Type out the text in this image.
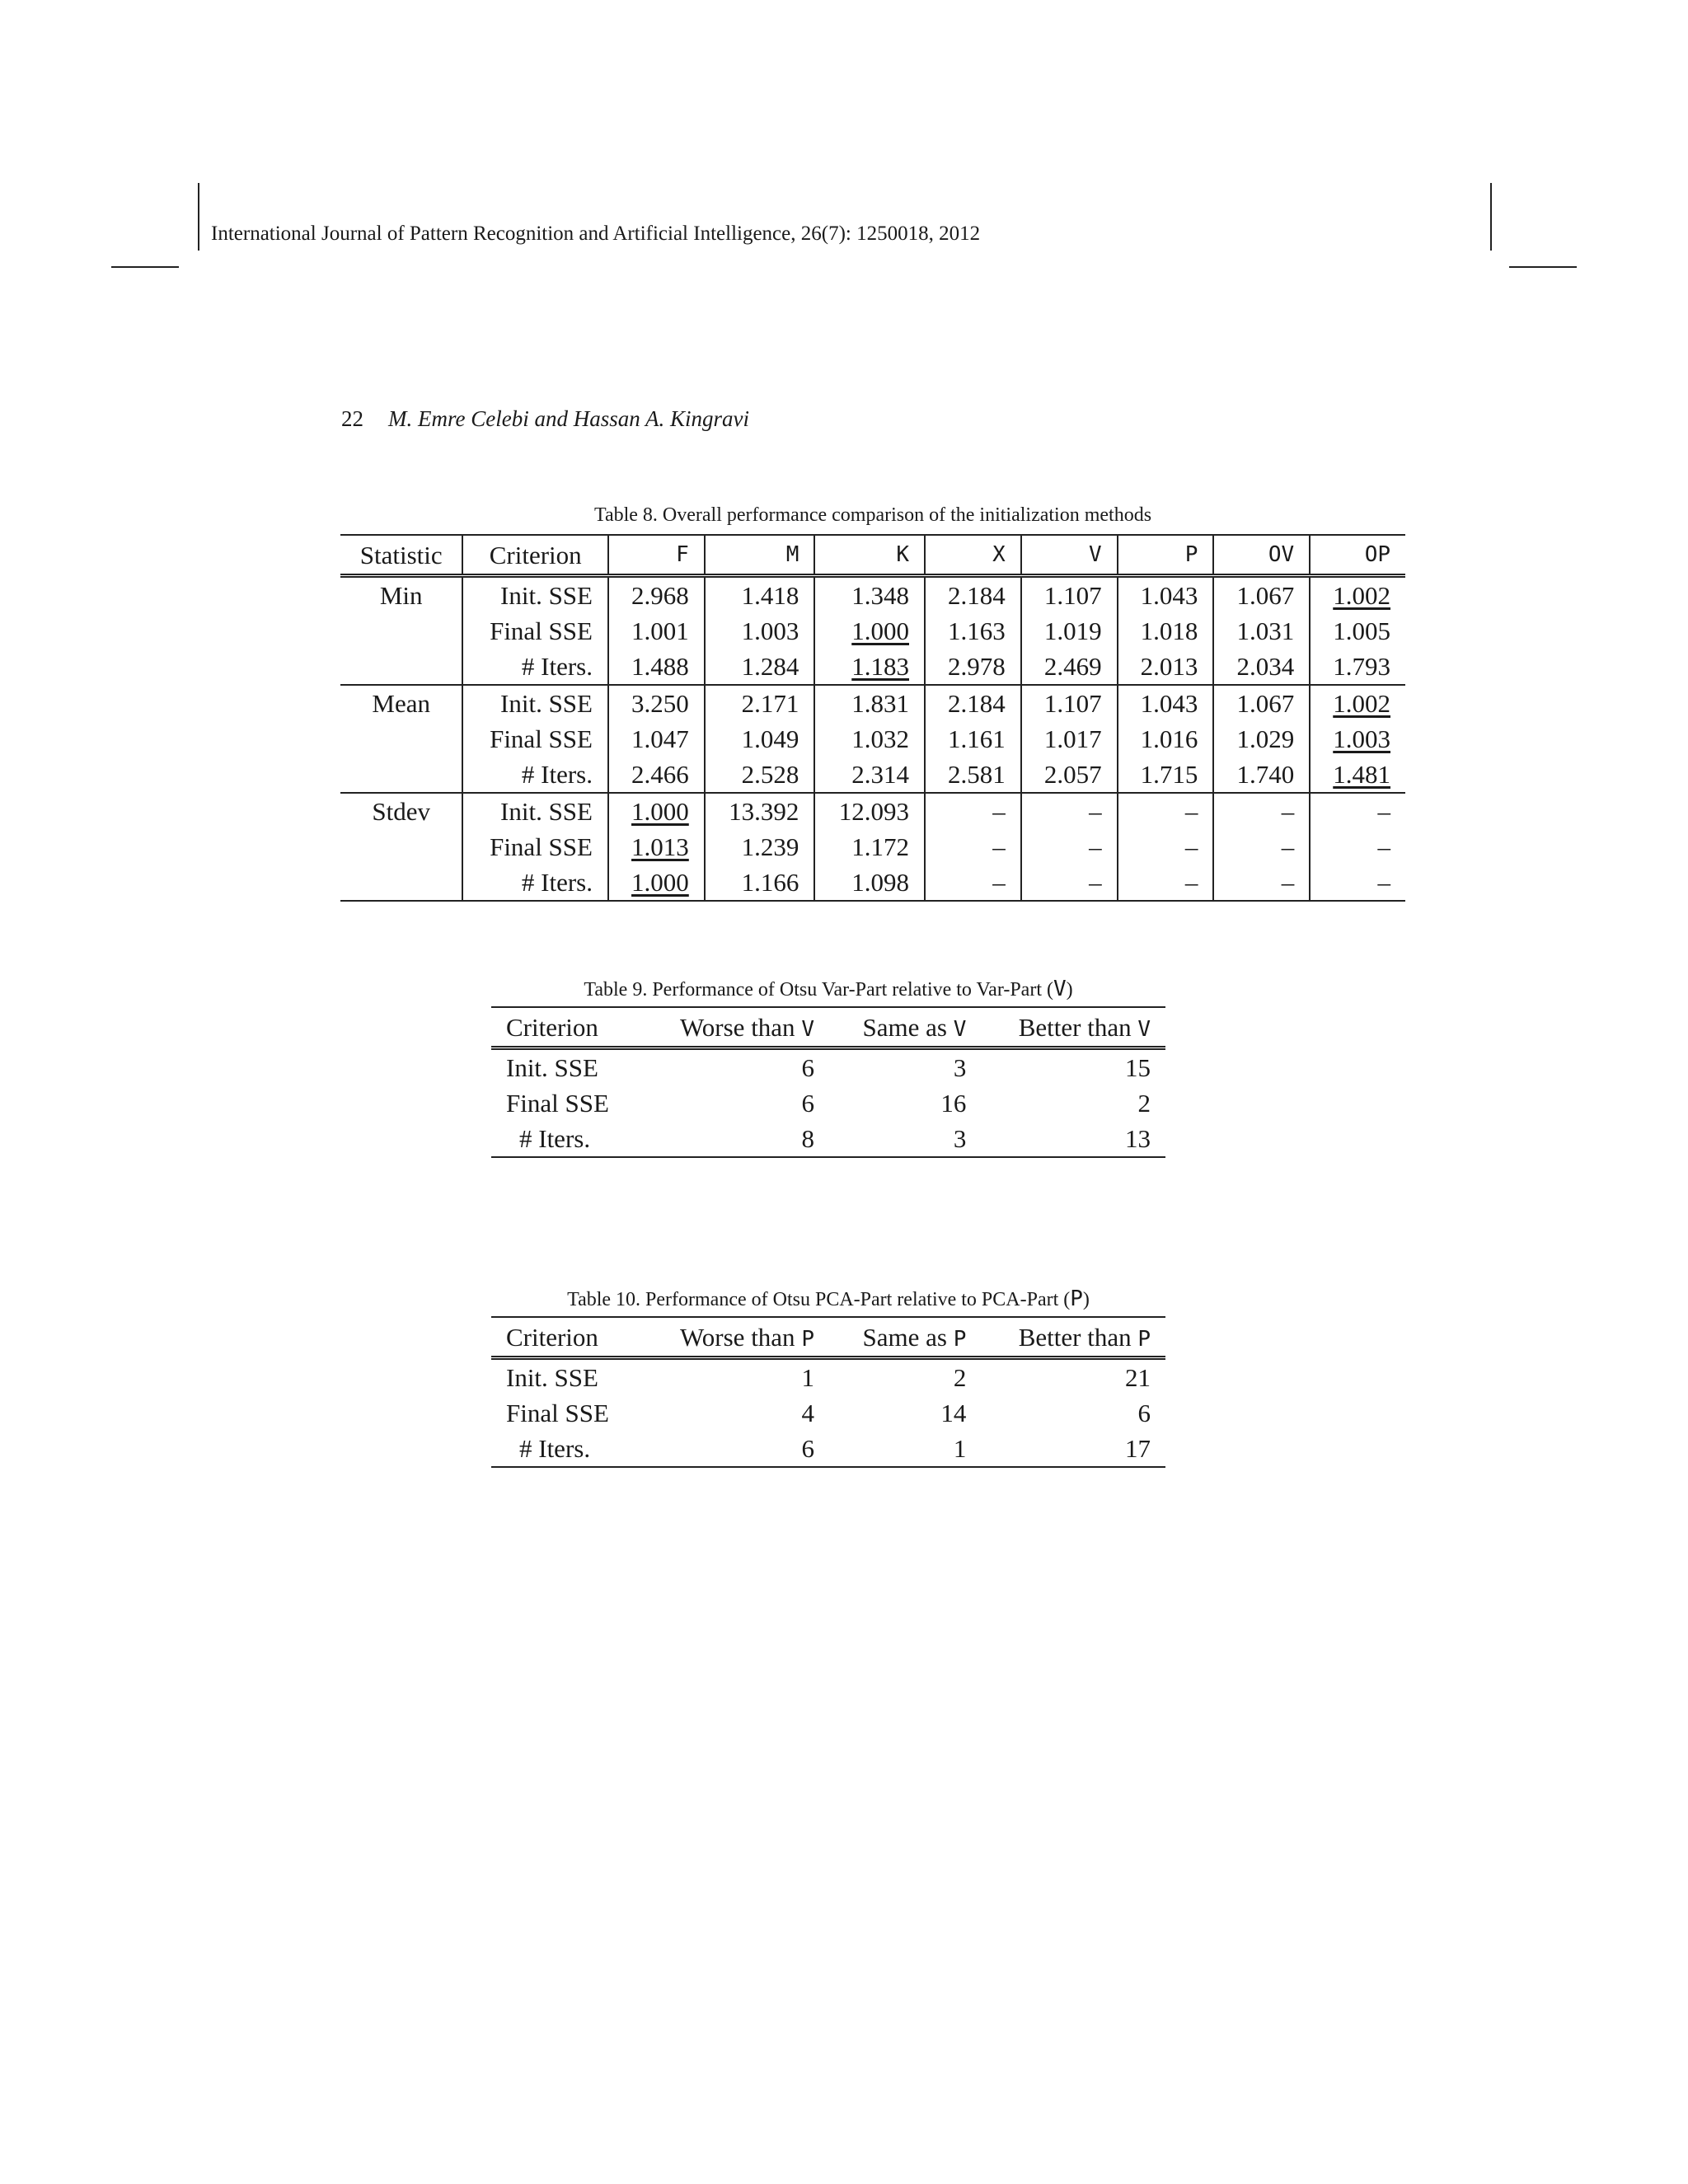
International Journal of Pattern Recognition and Artificial Intelligence, 26(7): 1250018, 2012
22 M. Emre Celebi and Hassan A. Kingravi
Table 8. Overall performance comparison of the initialization methods
Statistic	Criterion	F	M	K	X	V	P	OV	OP
Min	Init. SSE	2.968	1.418	1.348	2.184	1.107	1.043	1.067	1.002
	Final SSE	1.001	1.003	1.000	1.163	1.019	1.018	1.031	1.005
	# Iters.	1.488	1.284	1.183	2.978	2.469	2.013	2.034	1.793
Mean	Init. SSE	3.250	2.171	1.831	2.184	1.107	1.043	1.067	1.002
	Final SSE	1.047	1.049	1.032	1.161	1.017	1.016	1.029	1.003
	# Iters.	2.466	2.528	2.314	2.581	2.057	1.715	1.740	1.481
Stdev	Init. SSE	1.000	13.392	12.093	–	–	–	–	–
	Final SSE	1.013	1.239	1.172	–	–	–	–	–
	# Iters.	1.000	1.166	1.098	–	–	–	–	–
Table 9. Performance of Otsu Var-Part relative to Var-Part (V)
Criterion	Worse than V	Same as V	Better than V
Init. SSE	6	3	15
Final SSE	6	16	2
# Iters.	8	3	13
Table 10. Performance of Otsu PCA-Part relative to PCA-Part (P)
Criterion	Worse than P	Same as P	Better than P
Init. SSE	1	2	21
Final SSE	4	14	6
# Iters.	6	1	17
